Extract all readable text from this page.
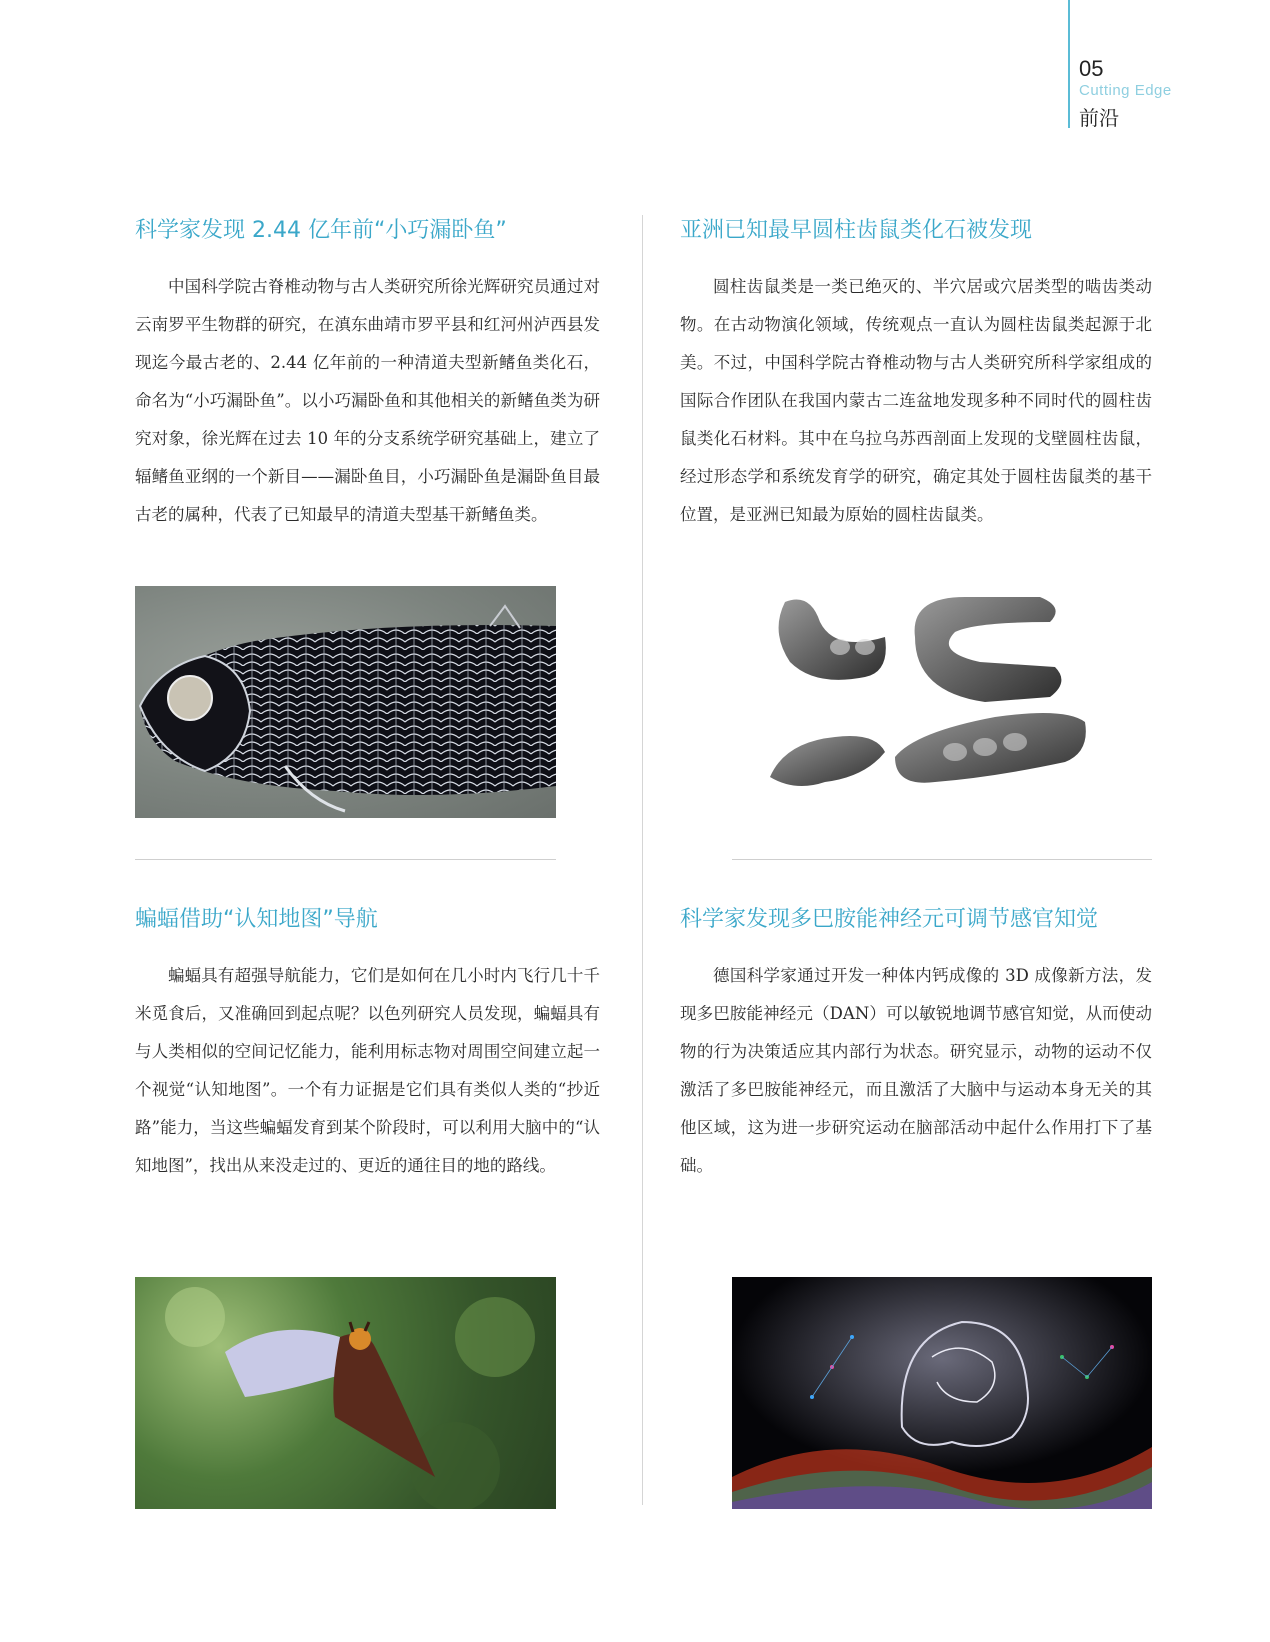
05
Cutting Edge
前沿
科学家发现 2.44 亿年前“小巧漏卧鱼”
中国科学院古脊椎动物与古人类研究所徐光辉研究员通过对云南罗平生物群的研究，在滇东曲靖市罗平县和红河州泸西县发现迄今最古老的、2.44 亿年前的一种清道夫型新鳍鱼类化石，命名为“小巧漏卧鱼”。以小巧漏卧鱼和其他相关的新鳍鱼类为研究对象，徐光辉在过去 10 年的分支系统学研究基础上，建立了辐鳍鱼亚纲的一个新目——漏卧鱼目，小巧漏卧鱼是漏卧鱼目最古老的属种，代表了已知最早的清道夫型基干新鳍鱼类。
亚洲已知最早圆柱齿鼠类化石被发现
圆柱齿鼠类是一类已绝灭的、半穴居或穴居类型的啮齿类动物。在古动物演化领域，传统观点一直认为圆柱齿鼠类起源于北美。不过，中国科学院古脊椎动物与古人类研究所科学家组成的国际合作团队在我国内蒙古二连盆地发现多种不同时代的圆柱齿鼠类化石材料。其中在乌拉乌苏西剖面上发现的戈壁圆柱齿鼠，经过形态学和系统发育学的研究，确定其处于圆柱齿鼠类的基干位置，是亚洲已知最为原始的圆柱齿鼠类。
蝙蝠借助“认知地图”导航
蝙蝠具有超强导航能力，它们是如何在几小时内飞行几十千米觅食后，又准确回到起点呢？以色列研究人员发现，蝙蝠具有与人类相似的空间记忆能力，能利用标志物对周围空间建立起一个视觉“认知地图”。一个有力证据是它们具有类似人类的“抄近路”能力，当这些蝙蝠发育到某个阶段时，可以利用大脑中的“认知地图”，找出从来没走过的、更近的通往目的地的路线。
科学家发现多巴胺能神经元可调节感官知觉
德国科学家通过开发一种体内钙成像的 3D 成像新方法，发现多巴胺能神经元（DAN）可以敏锐地调节感官知觉，从而使动物的行为决策适应其内部行为状态。研究显示，动物的运动不仅激活了多巴胺能神经元，而且激活了大脑中与运动本身无关的其他区域，这为进一步研究运动在脑部活动中起什么作用打下了基础。
